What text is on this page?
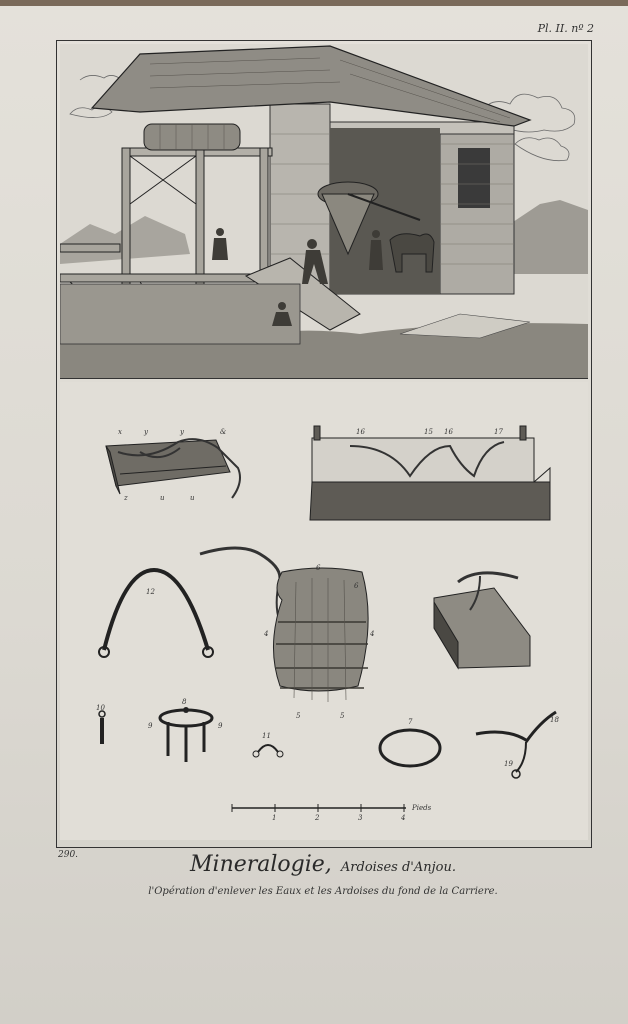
Pl. II. nº 2
x	y	y	&
z	u	u
16	15 16	17
12
6
6
4	4
5	5
10
8
9	9
11
7	18
19
1	2	3	4
Pieds
290.	Mineralogie, Ardoises d'Anjou.
l'Opération d'enlever les Eaux et les Ardoises du fond de la Carriere.
